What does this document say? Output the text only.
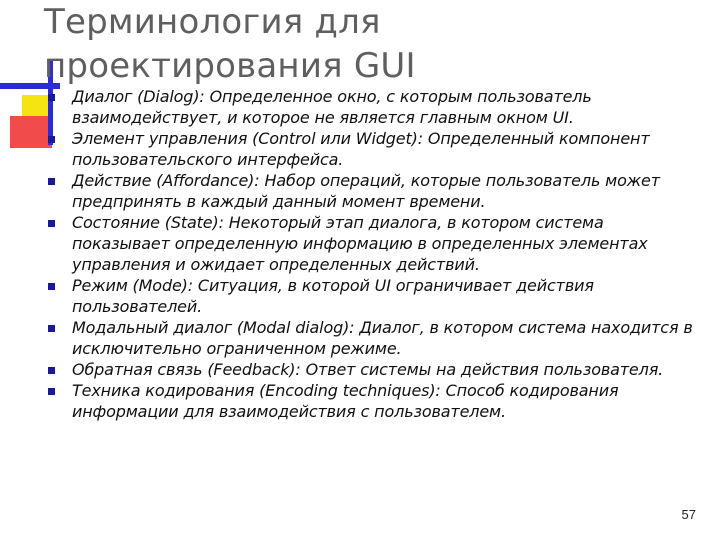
Терминология для
проектирования GUI
Диалог (Dialog): Определенное окно, с которым пользователь взаимодействует, и которое не является главным окном UI.
Элемент управления (Control или Widget): Определенный компонент пользовательского интерфейса.
Действие (Affordance): Набор операций, которые пользователь может предпринять в каждый данный момент времени.
Состояние (State): Некоторый этап диалога, в котором система показывает определенную информацию в определенных элементах управления и ожидает определенных действий.
Режим (Mode): Ситуация, в которой UI ограничивает действия пользователей.
Модальный диалог (Modal dialog): Диалог, в котором система находится в исключительно ограниченном режиме.
Обратная связь (Feedback): Ответ системы на действия пользователя.
Техника кодирования (Encoding techniques): Способ кодирования информации для взаимодействия с пользователем.
57
